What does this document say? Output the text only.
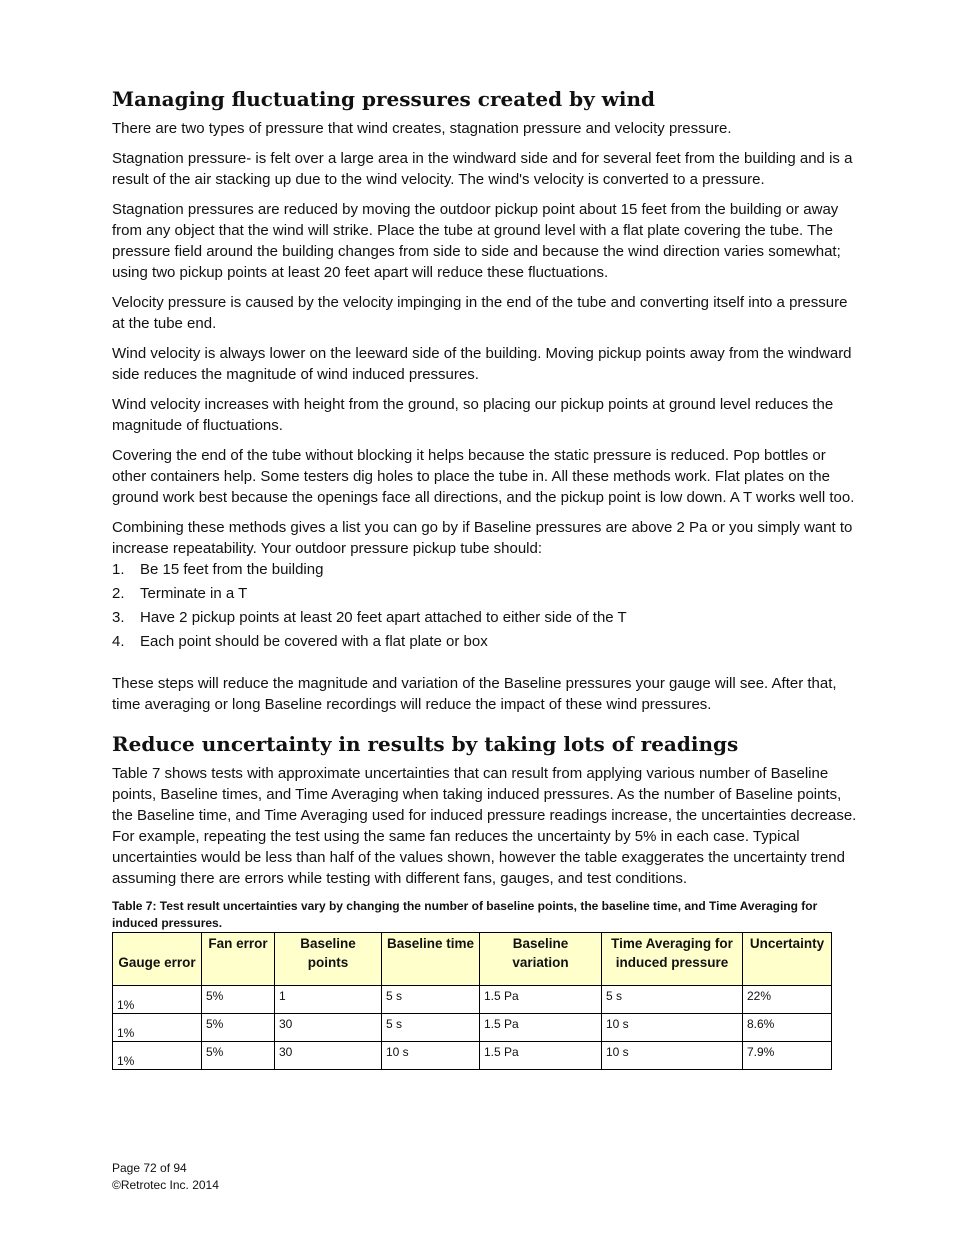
Managing fluctuating pressures created by wind

There are two types of pressure that wind creates, stagnation pressure and velocity pressure.

Stagnation pressure- is felt over a large area in the windward side and for several feet from the building and is a result of the air stacking up due to the wind velocity. The wind's velocity is converted to a pressure.

Stagnation pressures are reduced by moving the outdoor pickup point about 15 feet from the building or away from any object that the wind will strike. Place the tube at ground level with a flat plate covering the tube. The pressure field around the building changes from side to side and because the wind direction varies somewhat; using two pickup points at least 20 feet apart will reduce these fluctuations.

Velocity pressure is caused by the velocity impinging in the end of the tube and converting itself into a pressure at the tube end.

Wind velocity is always lower on the leeward side of the building. Moving pickup points away from the windward side reduces the magnitude of wind induced pressures.

Wind velocity increases with height from the ground, so placing our pickup points at ground level reduces the magnitude of fluctuations.

Covering the end of the tube without blocking it helps because the static pressure is reduced. Pop bottles or other containers help. Some testers dig holes to place the tube in. All these methods work. Flat plates on the ground work best because the openings face all directions, and the pickup point is low down. A T works well too.

Combining these methods gives a list you can go by if Baseline pressures are above 2 Pa or you simply want to increase repeatability. Your outdoor pressure pickup tube should:

1.	Be 15 feet from the building
2.	Terminate in a T
3.	Have 2 pickup points at least 20 feet apart attached to either side of the T
4.	Each point should be covered with a flat plate or box

These steps will reduce the magnitude and variation of the Baseline pressures your gauge will see. After that, time averaging or long Baseline recordings will reduce the impact of these wind pressures.

Reduce uncertainty in results by taking lots of readings

Table 7 shows tests with approximate uncertainties that can result from applying various number of Baseline points, Baseline times, and Time Averaging when taking induced pressures. As the number of Baseline points, the Baseline time, and Time Averaging used for induced pressure readings increase, the uncertainties decrease. For example, repeating the test using the same fan reduces the uncertainty by 5% in each case. Typical uncertainties would be less than half of the values shown, however the table exaggerates the uncertainty trend assuming there are errors while testing with different fans, gauges, and test conditions.

Table 7: Test result uncertainties vary by changing the number of baseline points, the baseline time, and Time Averaging for induced pressures.
Gauge error	Fan error	Baseline points	Baseline time	Baseline variation	Time Averaging for induced pressure	Uncertainty
1%	5%	1	5 s	1.5 Pa	5 s	22%
1%	5%	30	5 s	1.5 Pa	10 s	8.6%
1%	5%	30	10 s	1.5 Pa	10 s	7.9%
Page 72 of 94
©Retrotec Inc. 2014
